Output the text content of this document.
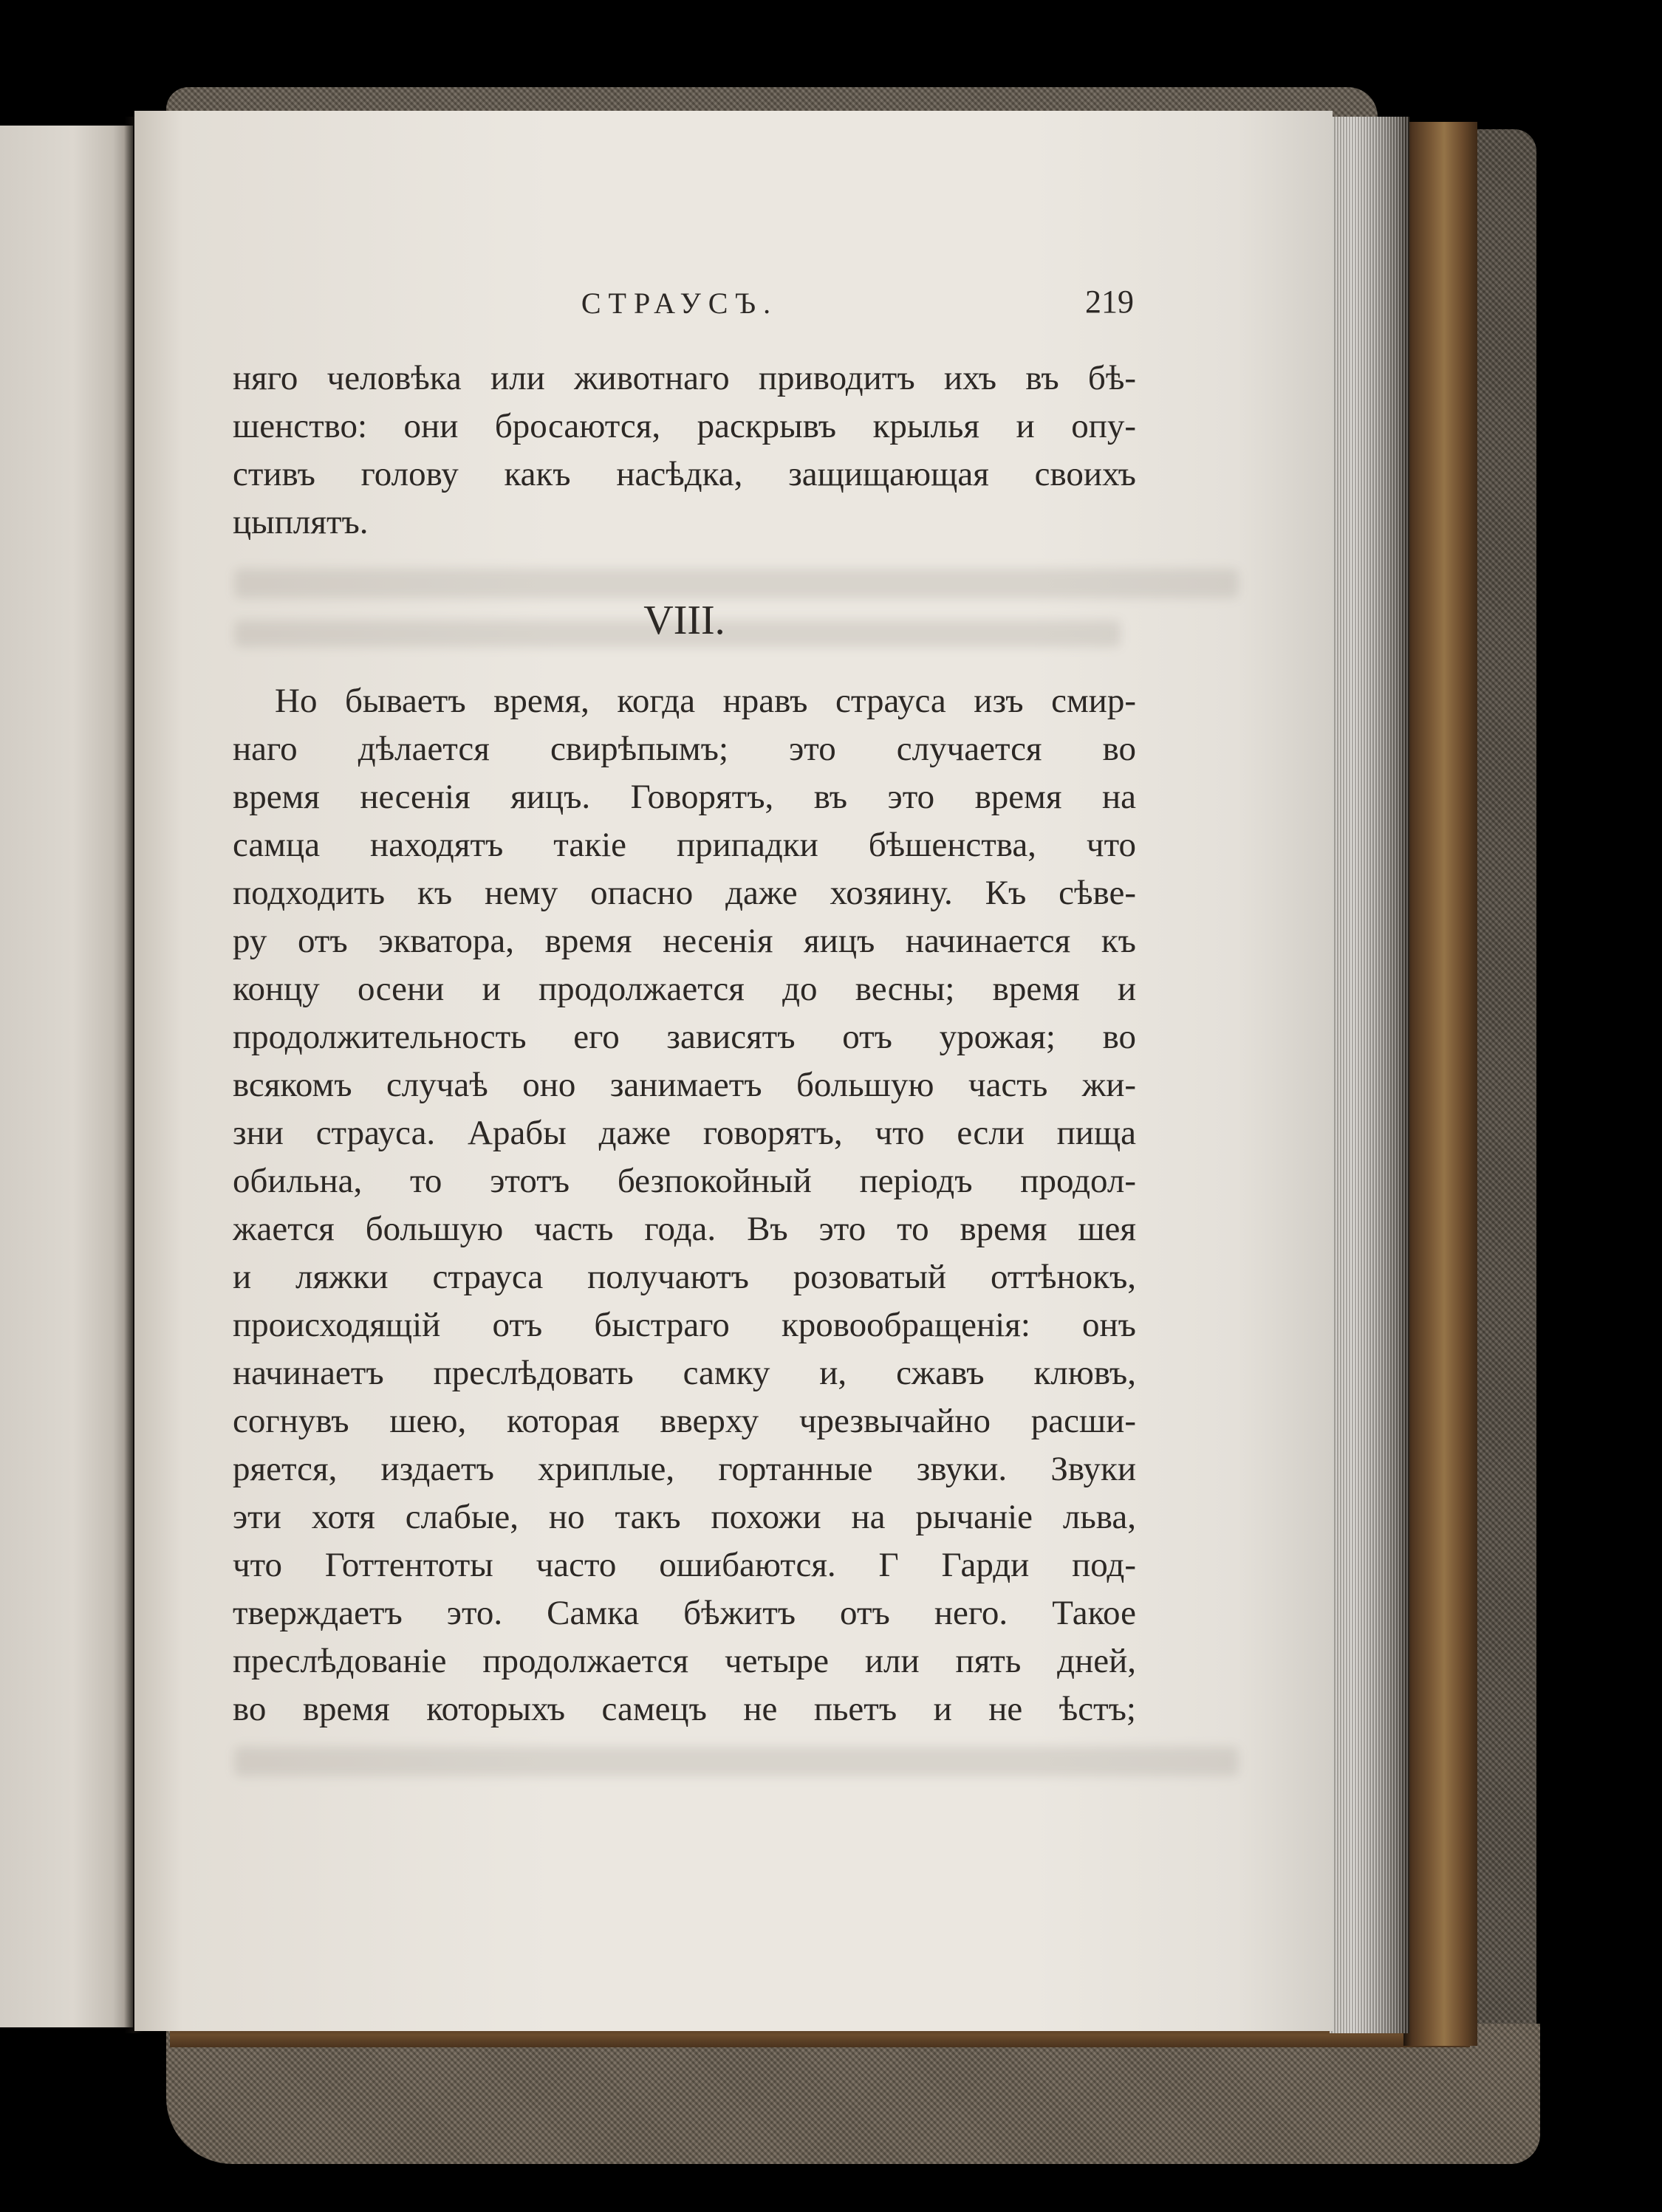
СТРАУСЪ.	219
няго человѣка или животнаго приводитъ ихъ въ бѣ-
шенство: они бросаются, раскрывъ крылья и опу-
стивъ голову какъ насѣдка, защищающая своихъ
цыплятъ.
VIII.
Но бываетъ время, когда нравъ страуса изъ смир-
наго дѣлается свирѣпымъ; это случается во
время несенія яицъ. Говорятъ, въ это время на
самца находятъ такіе припадки бѣшенства, что
подходить къ нему опасно даже хозяину. Къ сѣве-
ру отъ экватора, время несенія яицъ начинается къ
концу осени и продолжается до весны; время и
продолжительность его зависятъ отъ урожая; во
всякомъ случаѣ оно занимаетъ большую часть жи-
зни страуса. Арабы даже говорятъ, что если пища
обильна, то этотъ безпокойный періодъ продол-
жается большую часть года. Въ это то время шея
и ляжки страуса получаютъ розоватый оттѣнокъ,
происходящій отъ быстраго кровообращенія: онъ
начинаетъ преслѣдовать самку и, сжавъ клювъ,
согнувъ шею, которая вверху чрезвычайно расши-
ряется, издаетъ хриплые, гортанные звуки. Звуки
эти хотя слабые, но такъ похожи на рычаніе льва,
что Готтентоты часто ошибаются. Г Гарди под-
тверждаетъ это. Самка бѣжитъ отъ него. Такое
преслѣдованіе продолжается четыре или пять дней,
во время которыхъ самецъ не пьетъ и не ѣстъ;
